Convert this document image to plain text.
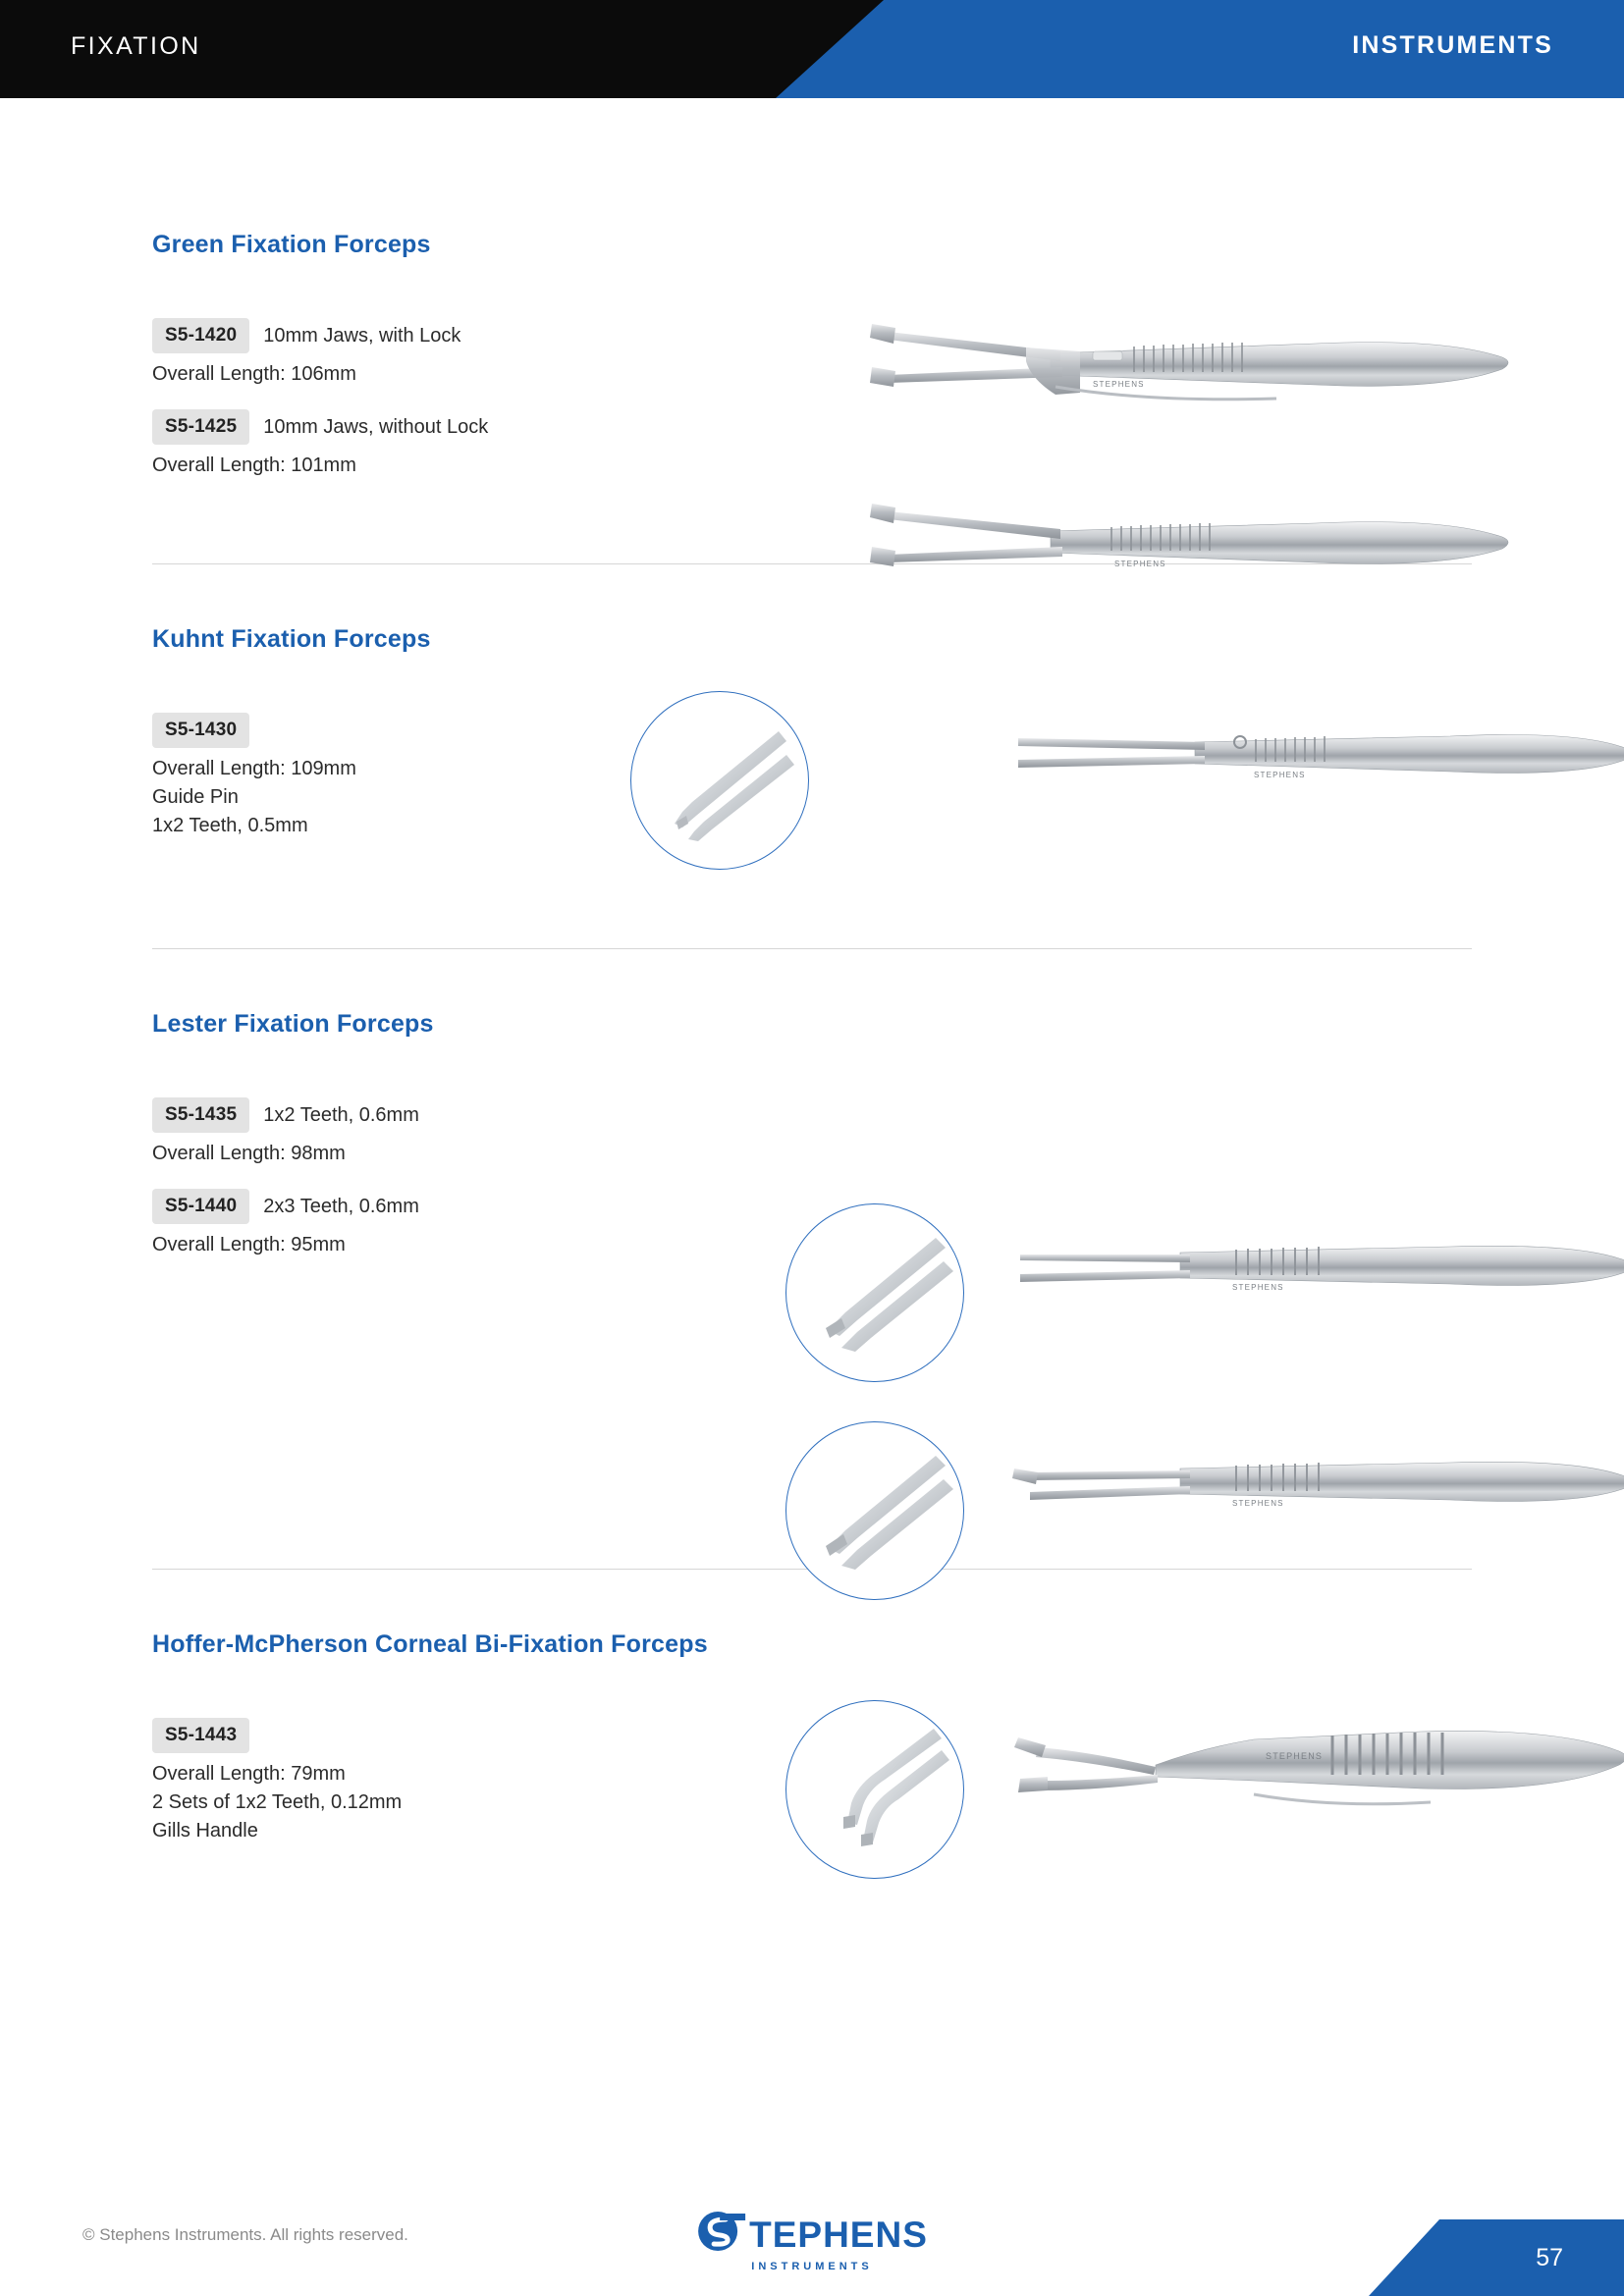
FIXATION	INSTRUMENTS
Green Fixation Forceps
S5-1420	10mm Jaws, with Lock
Overall Length: 106mm
S5-1425	10mm Jaws, without Lock
Overall Length: 101mm
STEPHENS
STEPHENS
Kuhnt Fixation Forceps
S5-1430
Overall Length: 109mm
Guide Pin
1x2 Teeth, 0.5mm
STEPHENS
Lester Fixation Forceps
S5-1435	1x2 Teeth, 0.6mm
Overall Length: 98mm
S5-1440	2x3 Teeth, 0.6mm
Overall Length: 95mm
STEPHENS
STEPHENS
Hoffer-McPherson Corneal Bi-Fixation Forceps
S5-1443
Overall Length: 79mm
2 Sets of 1x2 Teeth, 0.12mm
Gills Handle
STEPHENS
© Stephens Instruments. All rights reserved.	TEPHENS
INSTRUMENTS	57
